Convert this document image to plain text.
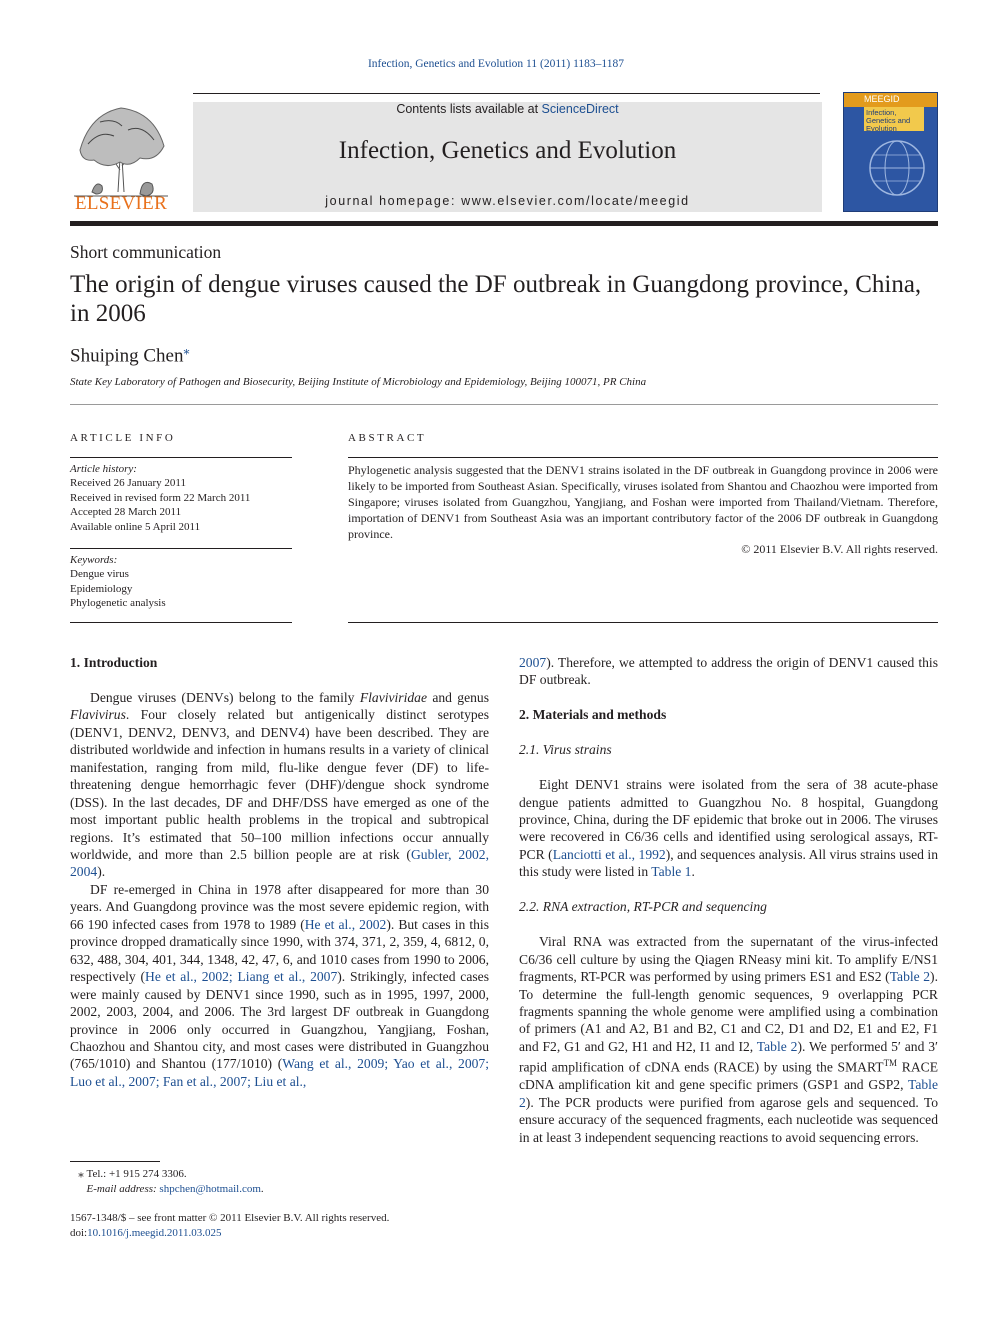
Infection, Genetics and Evolution 11 (2011) 1183–1187
ELSEVIER
Contents lists available at ScienceDirect
Infection, Genetics and Evolution
journal homepage: www.elsevier.com/locate/meegid
MEEGID
Infection, Genetics and Evolution
Short communication
The origin of dengue viruses caused the DF outbreak in Guangdong province, China, in 2006
Shuiping Chen⁎
State Key Laboratory of Pathogen and Biosecurity, Beijing Institute of Microbiology and Epidemiology, Beijing 100071, PR China
ARTICLE INFO	ABSTRACT
Article history:
Received 26 January 2011
Received in revised form 22 March 2011
Accepted 28 March 2011
Available online 5 April 2011
Keywords:
Dengue virus
Epidemiology
Phylogenetic analysis
Phylogenetic analysis suggested that the DENV1 strains isolated in the DF outbreak in Guangdong province in 2006 were likely to be imported from Southeast Asian. Specifically, viruses isolated from Shantou and Chaozhou were imported from Singapore; viruses isolated from Guangzhou, Yangjiang, and Foshan were imported from Thailand/Vietnam. Therefore, importation of DENV1 from Southeast Asia was an important contributory factor of the 2006 DF outbreak in Guangdong province.
© 2011 Elsevier B.V. All rights reserved.
1. Introduction

Dengue viruses (DENVs) belong to the family Flaviviridae and genus Flavivirus. Four closely related but antigenically distinct serotypes (DENV1, DENV2, DENV3, and DENV4) have been described. They are distributed worldwide and infection in humans results in a variety of clinical manifestation, ranging from mild, flu-like dengue fever (DF) to life-threatening dengue hemorrhagic fever (DHF)/dengue shock syndrome (DSS). In the last decades, DF and DHF/DSS have emerged as one of the most important public health problems in the tropical and subtropical regions. It’s estimated that 50–100 million infections occur annually worldwide, and more than 2.5 billion people are at risk (Gubler, 2002, 2004).

DF re-emerged in China in 1978 after disappeared for more than 30 years. And Guangdong province was the most severe epidemic region, with 66 190 infected cases from 1978 to 1989 (He et al., 2002). But cases in this province dropped dramatically since 1990, with 374, 371, 2, 359, 4, 6812, 0, 632, 488, 304, 401, 344, 1348, 42, 47, 6, and 1010 cases from 1990 to 2006, respectively (He et al., 2002; Liang et al., 2007). Strikingly, infected cases were mainly caused by DENV1 since 1990, such as in 1995, 1997, 2000, 2002, 2003, 2004, and 2006. The 3rd largest DF outbreak in Guangdong province in 2006 only occurred in Guangzhou, Yangjiang, Foshan, Chaozhou and Shantou city, and most cases were distributed in Guangzhou (765/1010) and Shantou (177/1010) (Wang et al., 2009; Yao et al., 2007; Luo et al., 2007; Fan et al., 2007; Liu et al.,

2007). Therefore, we attempted to address the origin of DENV1 caused this DF outbreak.

2. Materials and methods
2.1. Virus strains

Eight DENV1 strains were isolated from the sera of 38 acute-phase dengue patients admitted to Guangzhou No. 8 hospital, Guangdong province, China, during the DF epidemic that broke out in 2006. The viruses were recovered in C6/36 cells and identified using serological assays, RT-PCR (Lanciotti et al., 1992), and sequences analysis. All virus strains used in this study were listed in Table 1.

2.2. RNA extraction, RT-PCR and sequencing

Viral RNA was extracted from the supernatant of the virus-infected C6/36 cell culture by using the Qiagen RNeasy mini kit. To amplify E/NS1 fragments, RT-PCR was performed by using primers ES1 and ES2 (Table 2). To determine the full-length genomic sequences, 9 overlapping PCR fragments spanning the whole genome were amplified using a combination of primers (A1 and A2, B1 and B2, C1 and C2, D1 and D2, E1 and E2, F1 and F2, G1 and G2, H1 and H2, I1 and I2, Table 2). We performed 5′ and 3′ rapid amplification of cDNA ends (RACE) by using the SMART™ RACE cDNA amplification kit and gene specific primers (GSP1 and GSP2, Table 2). The PCR products were purified from agarose gels and sequenced. To ensure accuracy of the sequenced fragments, each nucleotide was sequenced in at least 3 independent sequencing reactions to avoid sequencing errors.

⁎ Tel.: +1 915 274 3306.
E-mail address: shpchen@hotmail.com.
1567-1348/$ – see front matter © 2011 Elsevier B.V. All rights reserved.
doi:10.1016/j.meegid.2011.03.025
